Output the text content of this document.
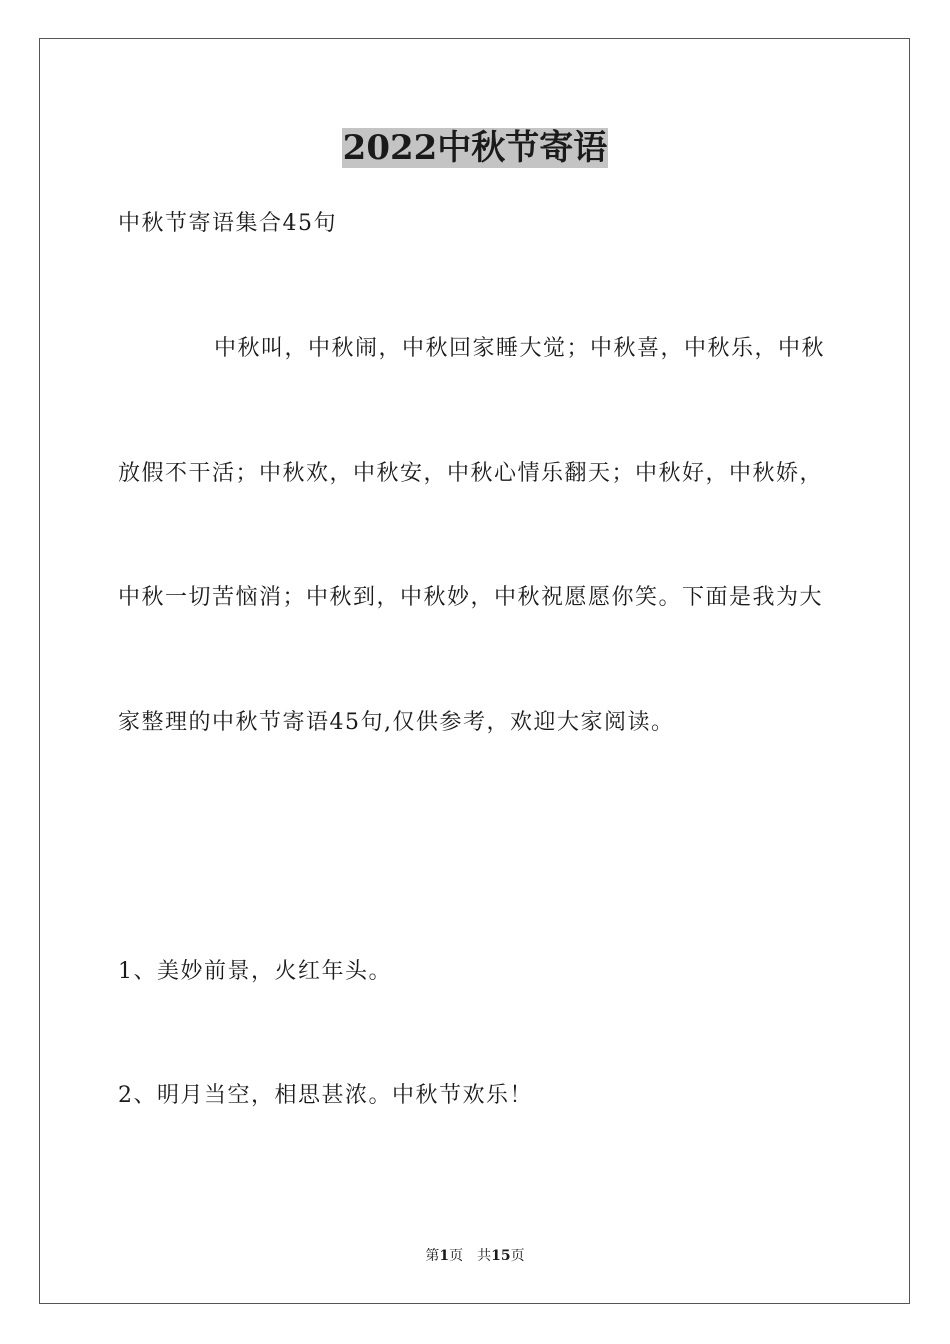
2022中秋节寄语
中秋节寄语集合45句
中秋叫，中秋闹，中秋回家睡大觉；中秋喜，中秋乐，中秋
放假不干活；中秋欢，中秋安，中秋心情乐翻天；中秋好，中秋娇，
中秋一切苦恼消；中秋到，中秋妙，中秋祝愿愿你笑。下面是我为大
家整理的中秋节寄语45句,仅供参考，欢迎大家阅读。
1、美妙前景，火红年头。
2、明月当空，相思甚浓。中秋节欢乐！
第1页　共15页
